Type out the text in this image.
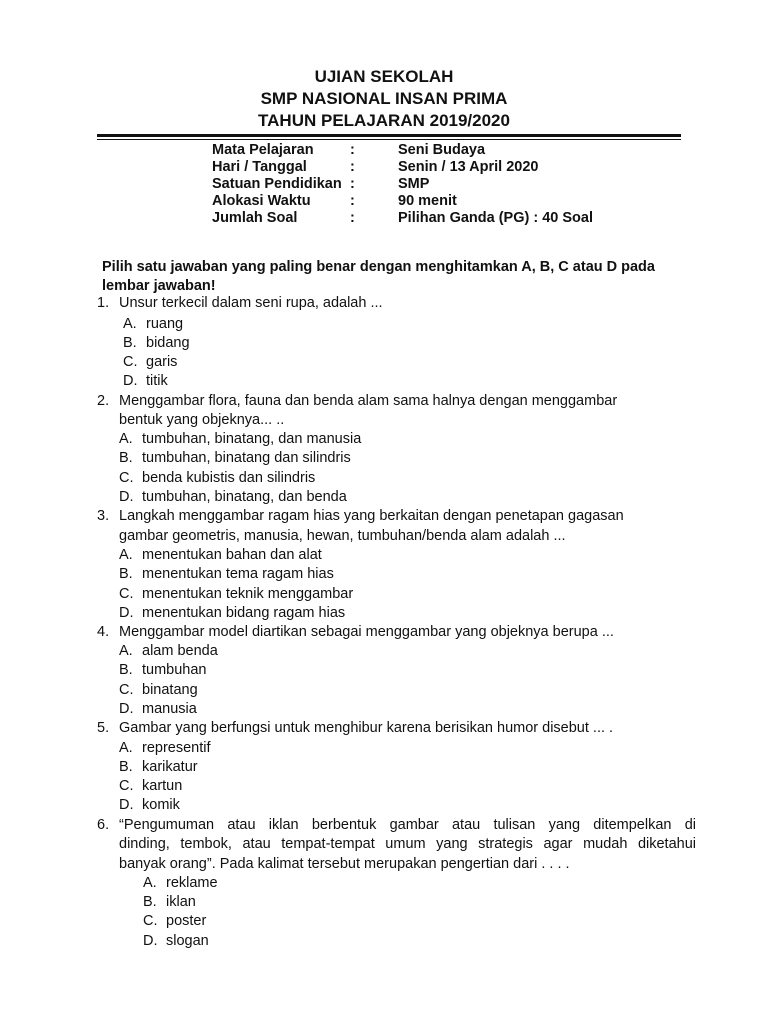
UJIAN SEKOLAH
SMP NASIONAL INSAN PRIMA
TAHUN PELAJARAN 2019/2020
Mata Pelajaran	:	Seni Budaya
Hari / Tanggal	:	Senin / 13 April 2020
Satuan Pendidikan :	SMP
Alokasi Waktu	:	90 menit
Jumlah Soal	:	Pilihan Ganda (PG) : 40 Soal
Pilih satu jawaban yang paling benar dengan menghitamkan A, B, C atau D pada lembar jawaban!
1. Unsur terkecil dalam seni rupa, adalah ...
A. ruang
B. bidang
C. garis
D. titik
2. Menggambar flora, fauna dan benda alam sama halnya dengan menggambar
bentuk yang objeknya... ..
A. tumbuhan, binatang, dan manusia
B. tumbuhan, binatang dan silindris
C. benda kubistis dan silindris
D. tumbuhan, binatang, dan benda
3. Langkah menggambar ragam hias yang berkaitan dengan penetapan gagasan
gambar geometris, manusia, hewan, tumbuhan/benda alam adalah ...
A. menentukan bahan dan alat
B. menentukan tema ragam hias
C. menentukan teknik menggambar
D. menentukan bidang ragam hias
4. Menggambar model diartikan sebagai menggambar yang objeknya berupa ...
A. alam benda
B. tumbuhan
C. binatang
D. manusia
5. Gambar yang berfungsi untuk menghibur karena berisikan humor disebut ... .
A. representif
B. karikatur
C. kartun
D. komik
6. “Pengumuman atau iklan berbentuk gambar atau tulisan yang ditempelkan di
dinding, tembok, atau tempat-tempat umum yang strategis agar mudah diketahui
banyak orang”. Pada kalimat tersebut merupakan pengertian dari . . . .
A. reklame
B. iklan
C. poster
D. slogan
